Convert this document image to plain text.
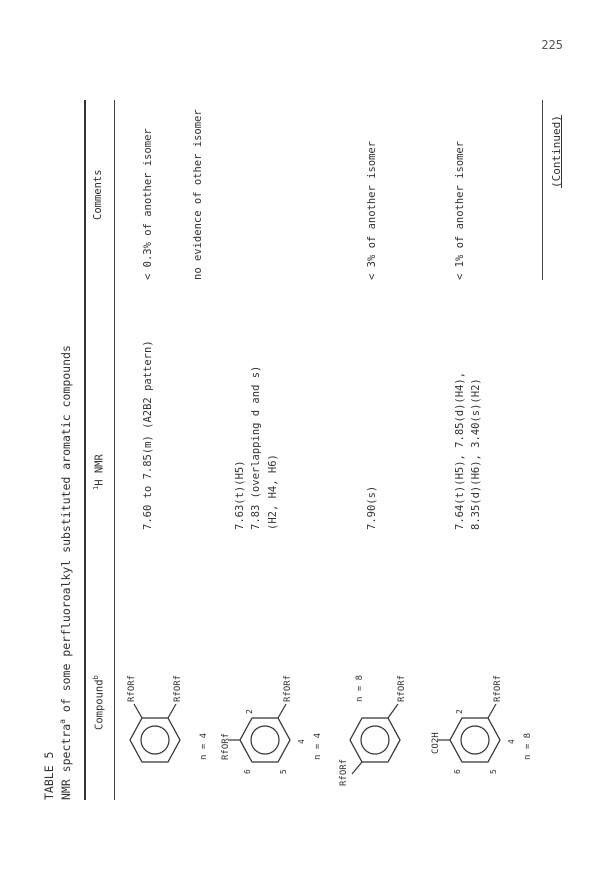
225
TABLE 5 NMR spectra$^a$ of some perfluoroalkyl substituted aromatic compounds Compound$^b$
$^1$H NMR
Comments
RfORf	RfORf
n = 4
7.60 to 7.85(m) (A2B2 pattern)
< 0.3% of another isomer
RfORf
RfORf
2
4
5
6
n = 4
7.63(t)(H5) 7.83 (overlapping d and s) (H2, H4, H6)
no evidence of other isomer
RfORf
RfORf
n = 8
7.90(s)
< 3% of another isomer
CO2H
RfORf
2
4
5
6
n = 8
7.64(t)(H5), 7.85(d)(H4), 8.35(d)(H6), 3.40(s)(H2)
< 1% of another isomer	(Continued)
